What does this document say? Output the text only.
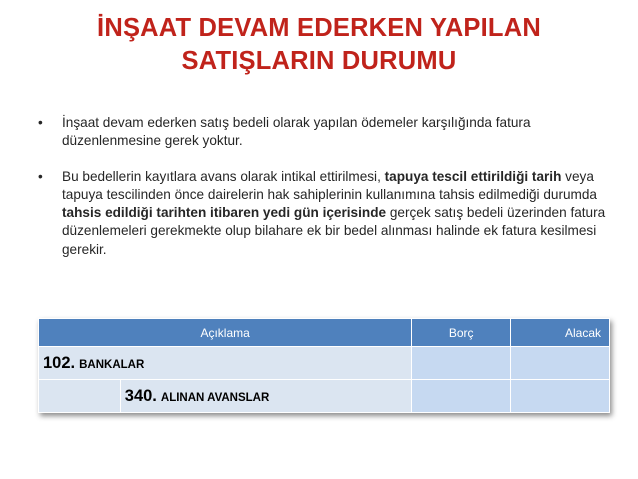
İNŞAAT DEVAM EDERKEN YAPILAN
SATIŞLARIN DURUMU
• İnşaat devam ederken satış bedeli olarak yapılan ödemeler karşılığında fatura düzenlenmesine gerek yoktur.
• Bu bedellerin kayıtlara avans olarak intikal ettirilmesi, tapuya tescil ettirildiği tarih veya tapuya tescilinden önce dairelerin hak sahiplerinin kullanımına tahsis edilmediği durumda tahsis edildiği tarihten itibaren yedi gün içerisinde gerçek satış bedeli üzerinden fatura düzenlemeleri gerekmekte olup bilahare ek bir bedel alınması halinde ek fatura kesilmesi gerekir.
Açıklama		Borç	Alacak

102. BANKALAR			

	340. ALINAN AVANSLAR		
